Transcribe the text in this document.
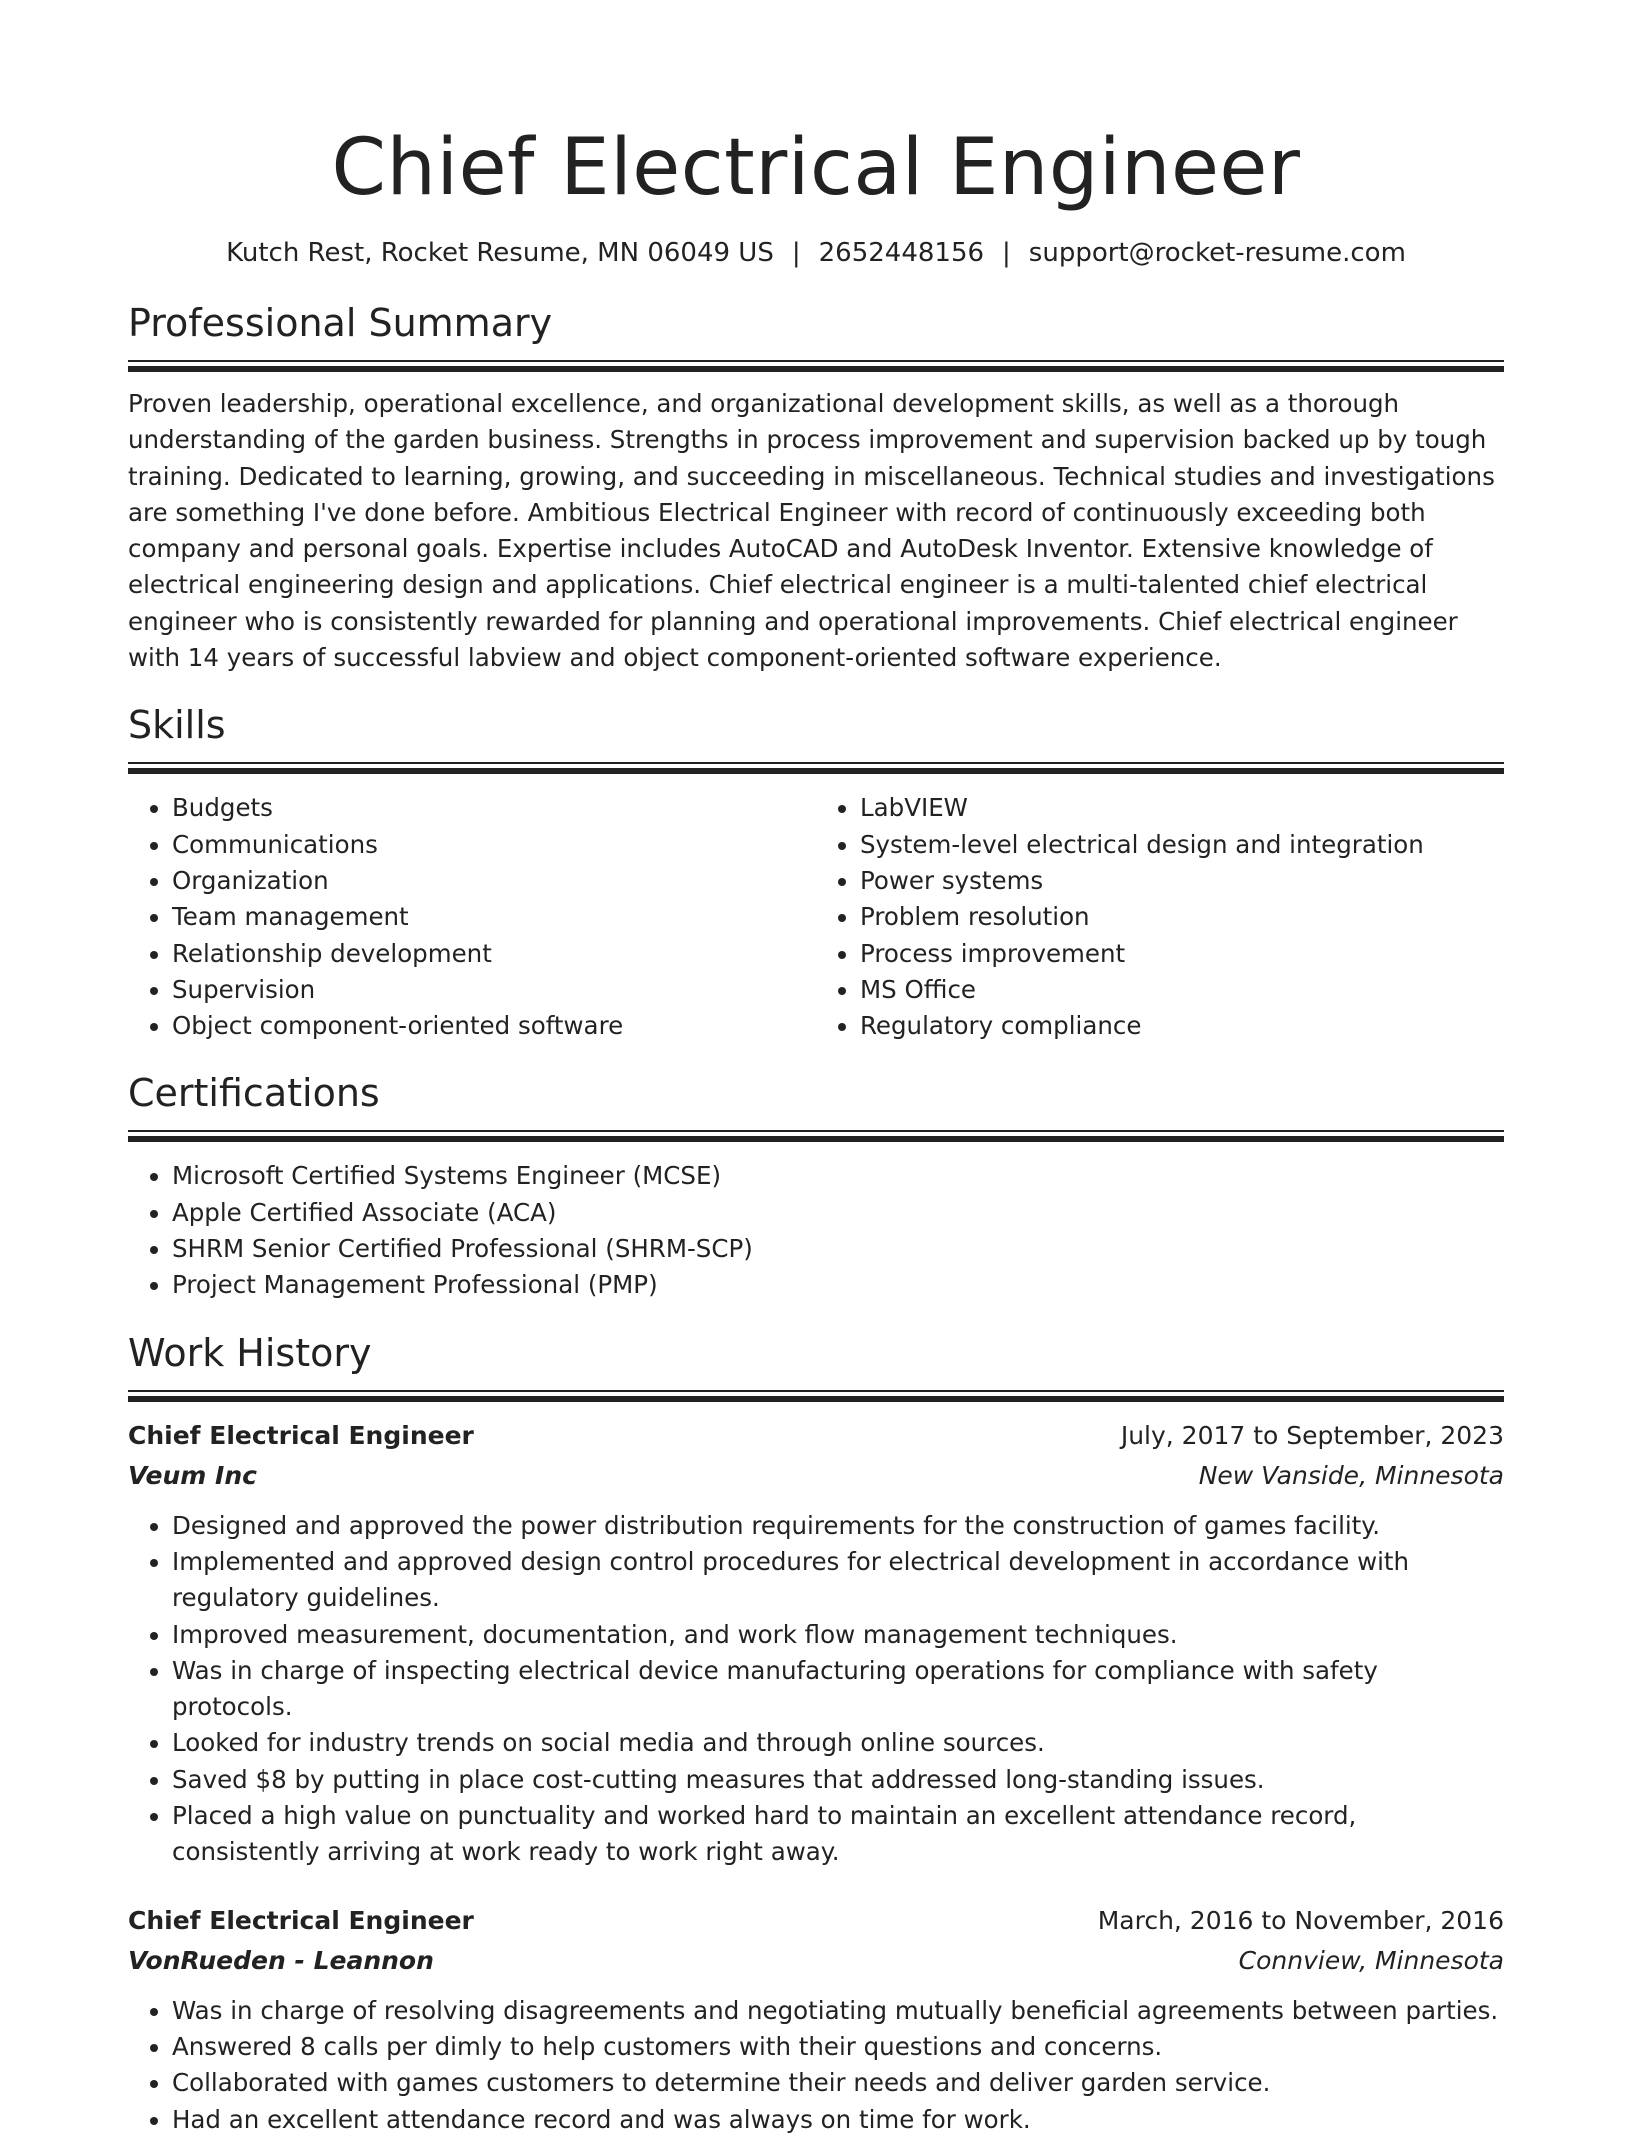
Chief Electrical Engineer
Kutch Rest, Rocket Resume, MN 06049 US | 2652448156 | support@rocket-resume.com
Professional Summary
Proven leadership, operational excellence, and organizational development skills, as well as a thorough understanding of the garden business. Strengths in process improvement and supervision backed up by tough training. Dedicated to learning, growing, and succeeding in miscellaneous. Technical studies and investigations are something I've done before. Ambitious Electrical Engineer with record of continuously exceeding both company and personal goals. Expertise includes AutoCAD and AutoDesk Inventor. Extensive knowledge of electrical engineering design and applications. Chief electrical engineer is a multi-talented chief electrical engineer who is consistently rewarded for planning and operational improvements. Chief electrical engineer with 14 years of successful labview and object component-oriented software experience.
Skills
• Budgets
• Communications
• Organization
• Team management
• Relationship development
• Supervision
• Object component-oriented software
• LabVIEW
• System-level electrical design and integration
• Power systems
• Problem resolution
• Process improvement
• MS Office
• Regulatory compliance
Certifications
• Microsoft Certified Systems Engineer (MCSE)
• Apple Certified Associate (ACA)
• SHRM Senior Certified Professional (SHRM-SCP)
• Project Management Professional (PMP)
Work History
Chief Electrical Engineer	July, 2017 to September, 2023
Veum Inc	New Vanside, Minnesota
• Designed and approved the power distribution requirements for the construction of games facility.
• Implemented and approved design control procedures for electrical development in accordance with regulatory guidelines.
• Improved measurement, documentation, and work flow management techniques.
• Was in charge of inspecting electrical device manufacturing operations for compliance with safety protocols.
• Looked for industry trends on social media and through online sources.
• Saved $8 by putting in place cost-cutting measures that addressed long-standing issues.
• Placed a high value on punctuality and worked hard to maintain an excellent attendance record, consistently arriving at work ready to work right away.
Chief Electrical Engineer	March, 2016 to November, 2016
VonRueden - Leannon	Connview, Minnesota
• Was in charge of resolving disagreements and negotiating mutually beneficial agreements between parties.
• Answered 8 calls per dimly to help customers with their questions and concerns.
• Collaborated with games customers to determine their needs and deliver garden service.
• Had an excellent attendance record and was always on time for work.
